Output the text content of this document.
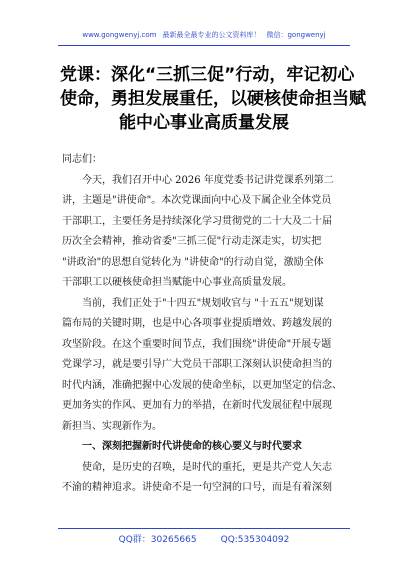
www.gongwenyj.com 最新最全最专业的公文资料库！ 微信：gongwenyj
党课：深化“三抓三促”行动，牢记初心
使命，勇担发展重任，以硬核使命担当赋
能中心事业高质量发展
同志们：
今天，我们召开中心 2026 年度党委书记讲党课系列第二
讲，主题是"讲使命"。本次党课面向中心及下属企业全体党员
干部职工，主要任务是持续深化学习贯彻党的二十大及二十届
历次全会精神，推动省委"三抓三促"行动走深走实，切实把
"讲政治"的思想自觉转化为 "讲使命"的行动自觉，激励全体
干部职工以硬核使命担当赋能中心事业高质量发展。
当前，我们正处于"十四五"规划收官与 "十五五"规划谋
篇布局的关键时期，也是中心各项事业提质增效、跨越发展的
攻坚阶段。在这个重要时间节点，我们围绕"讲使命"开展专题
党课学习，就是要引导广大党员干部职工深刻认识使命担当的
时代内涵，准确把握中心发展的使命坐标，以更加坚定的信念、
更加务实的作风、更加有力的举措，在新时代发展征程中展现
新担当、实现新作为。
一、深刻把握新时代讲使命的核心要义与时代要求
使命，是历史的召唤，是时代的重托，更是共产党人矢志
不渝的精神追求。讲使命不是一句空洞的口号，而是有着深刻
QQ群：30265665	QQ:535304092
